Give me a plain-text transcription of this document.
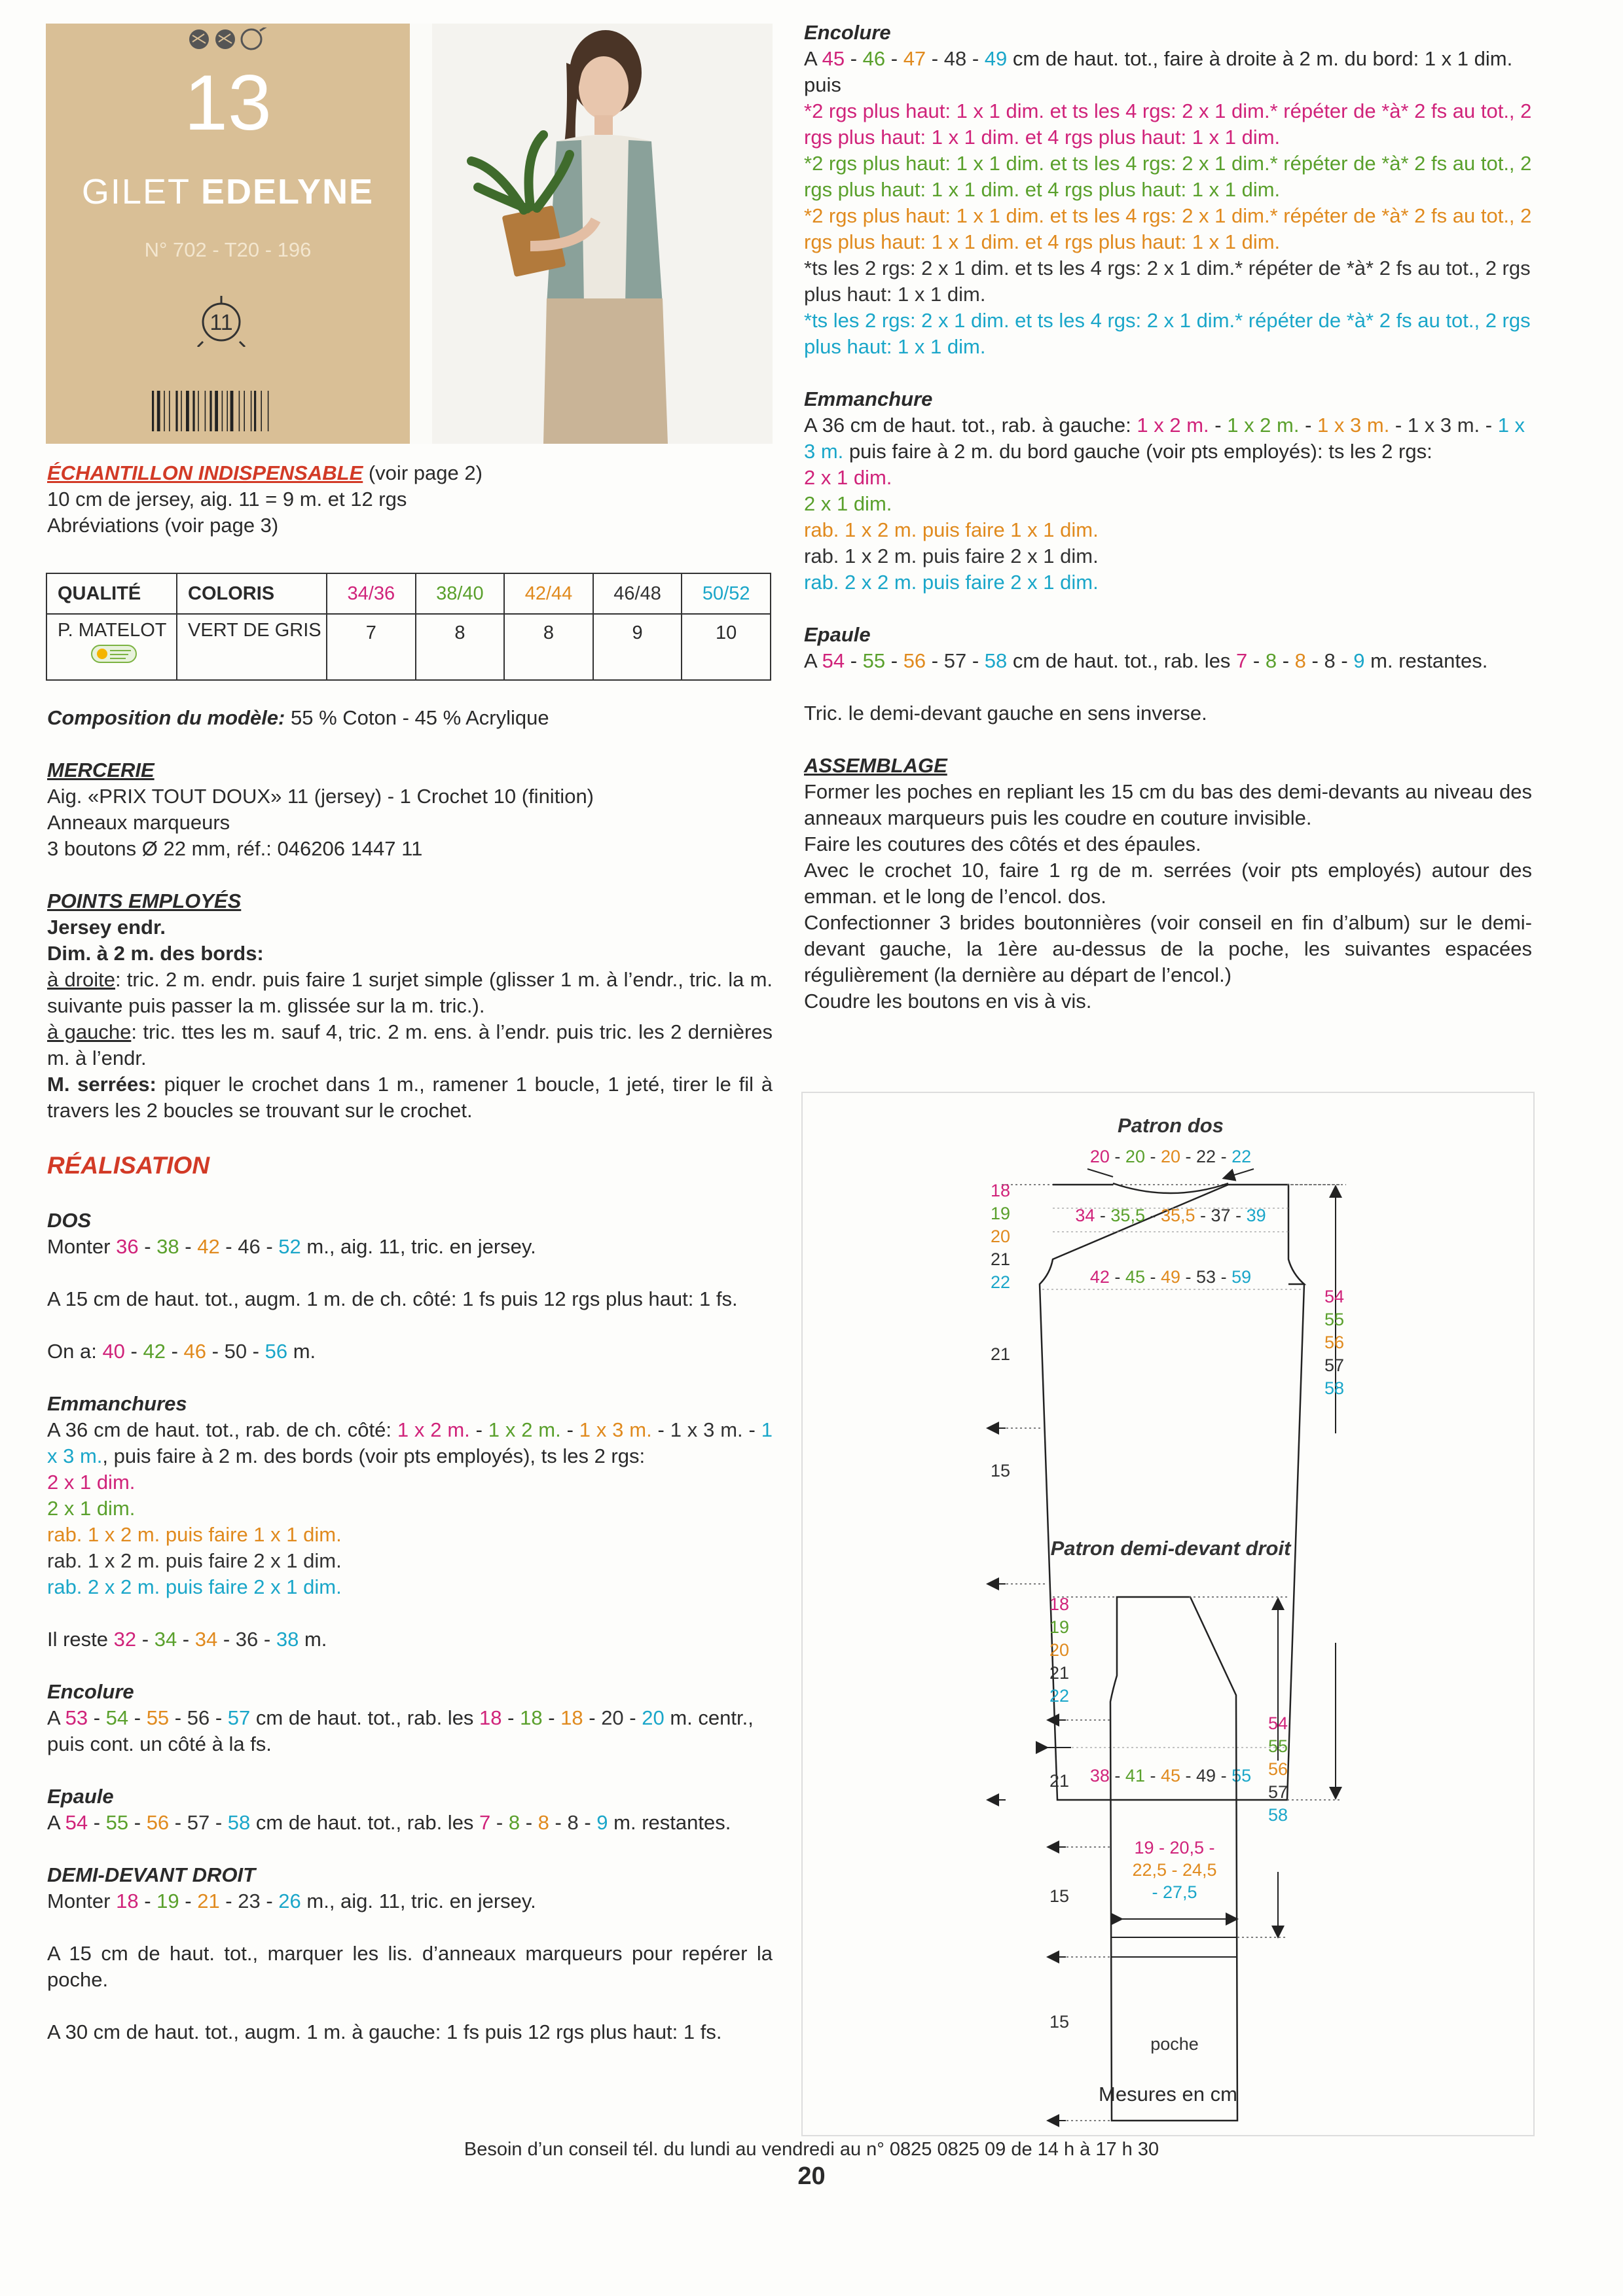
13
GILET EDELYNE
N° 702 - T20 - 196
11

ÉCHANTILLON INDISPENSABLE (voir page 2)

10 cm de jersey, aig. 11 = 9 m. et 12 rgs

Abréviations (voir page 3)

QUALITÉ	COLORIS	34/36	38/40	42/44	46/48	50/52

P. MATELOT	VERT DE GRIS	7	8	8	9	10

Composition du modèle: 55 % Coton - 45 % Acrylique

MERCERIE

Aig. «PRIX TOUT DOUX» 11 (jersey) - 1 Crochet 10 (finition)

Anneaux marqueurs

3 boutons Ø 22 mm, réf.: 046206 1447 11

POINTS EMPLOYÉS

Jersey endr.

Dim. à 2 m. des bords:

à droite: tric. 2 m. endr. puis faire 1 surjet simple (glisser 1 m. à l’endr., tric. la m. suivante puis passer la m. glissée sur la m. tric.).

à gauche: tric. ttes les m. sauf 4, tric. 2 m. ens. à l’endr. puis tric. les 2 dernières m. à l’endr.

M. serrées: piquer le crochet dans 1 m., ramener 1 boucle, 1 jeté, tirer le fil à travers les 2 boucles se trouvant sur le crochet.

RÉALISATION

DOS

Monter 36 - 38 - 42 - 46 - 52 m., aig. 11, tric. en jersey.

A 15 cm de haut. tot., augm. 1 m. de ch. côté: 1 fs puis 12 rgs plus haut: 1 fs.

On a: 40 - 42 - 46 - 50 - 56 m.

Emmanchures

A 36 cm de haut. tot., rab. de ch. côté: 1 x 2 m. - 1 x 2 m. - 1 x 3 m. - 1 x 3 m. - 1 x 3 m., puis faire à 2 m. des bords (voir pts employés), ts les 2 rgs:

2 x 1 dim.

2 x 1 dim.

rab. 1 x 2 m. puis faire 1 x 1 dim.

rab. 1 x 2 m. puis faire 2 x 1 dim.

rab. 2 x 2 m. puis faire 2 x 1 dim.

Il reste 32 - 34 - 34 - 36 - 38 m.

Encolure

A 53 - 54 - 55 - 56 - 57 cm de haut. tot., rab. les 18 - 18 - 18 - 20 - 20 m. centr., puis cont. un côté à la fs.

Epaule

A 54 - 55 - 56 - 57 - 58 cm de haut. tot., rab. les 7 - 8 - 8 - 8 - 9 m. restantes.

DEMI-DEVANT DROIT

Monter 18 - 19 - 21 - 23 - 26 m., aig. 11, tric. en jersey.

A 15 cm de haut. tot., marquer les lis. d’anneaux marqueurs pour repérer la poche.

A 30 cm de haut. tot., augm. 1 m. à gauche: 1 fs puis 12 rgs plus haut: 1 fs.

Encolure

A 45 - 46 - 47 - 48 - 49 cm de haut. tot., faire à droite à 2 m. du bord: 1 x 1 dim. puis

*2 rgs plus haut: 1 x 1 dim. et ts les 4 rgs: 2 x 1 dim.* répéter de *à* 2 fs au tot., 2 rgs plus haut: 1 x 1 dim. et 4 rgs plus haut: 1 x 1 dim.

*2 rgs plus haut: 1 x 1 dim. et ts les 4 rgs: 2 x 1 dim.* répéter de *à* 2 fs au tot., 2 rgs plus haut: 1 x 1 dim. et 4 rgs plus haut: 1 x 1 dim.

*2 rgs plus haut: 1 x 1 dim. et ts les 4 rgs: 2 x 1 dim.* répéter de *à* 2 fs au tot., 2 rgs plus haut: 1 x 1 dim. et 4 rgs plus haut: 1 x 1 dim.

*ts les 2 rgs: 2 x 1 dim. et ts les 4 rgs: 2 x 1 dim.* répéter de *à* 2 fs au tot., 2 rgs plus haut: 1 x 1 dim.

*ts les 2 rgs: 2 x 1 dim. et ts les 4 rgs: 2 x 1 dim.* répéter de *à* 2 fs au tot., 2 rgs plus haut: 1 x 1 dim.

Emmanchure

A 36 cm de haut. tot., rab. à gauche: 1 x 2 m. - 1 x 2 m. - 1 x 3 m. - 1 x 3 m. - 1 x 3 m. puis faire à 2 m. du bord gauche (voir pts employés): ts les 2 rgs:

2 x 1 dim.

2 x 1 dim.

rab. 1 x 2 m. puis faire 1 x 1 dim.

rab. 1 x 2 m. puis faire 2 x 1 dim.

rab. 2 x 2 m. puis faire 2 x 1 dim.

Epaule

A 54 - 55 - 56 - 57 - 58 cm de haut. tot., rab. les 7 - 8 - 8 - 8 - 9 m. restantes.

Tric. le demi-devant gauche en sens inverse.

ASSEMBLAGE

Former les poches en repliant les 15 cm du bas des demi-devants au niveau des anneaux marqueurs puis les coudre en couture invisible.

Faire les coutures des côtés et des épaules.

Avec le crochet 10, faire 1 rg de m. serrées (voir pts employés) autour des emman. et le long de l’encol. dos.

Confectionner 3 brides boutonnières (voir conseil en fin d’album) sur le demi-devant gauche, la 1ère au-dessus de la poche, les suivantes espacées régulièrement (la dernière au départ de l’encol.)

Coudre les boutons en vis à vis.

Patron dos
20 - 20 - 20 - 22 - 22
34 - 35,5 - 35,5 - 37 - 39
42 - 45 - 49 - 53 - 59
18
19
20
21
22
21
15
38 - 41 - 45 - 49 - 55
54
55
56
57
58
Patron demi-devant droit
18
19
20
21
22
21
15
15
poche
19 - 20,5 -
22,5 - 24,5
- 27,5
54
55
56
57
58
Mesures en cm
Besoin d’un conseil tél. du lundi au vendredi au n° 0825 0825 09 de 14 h à 17 h 30
20
